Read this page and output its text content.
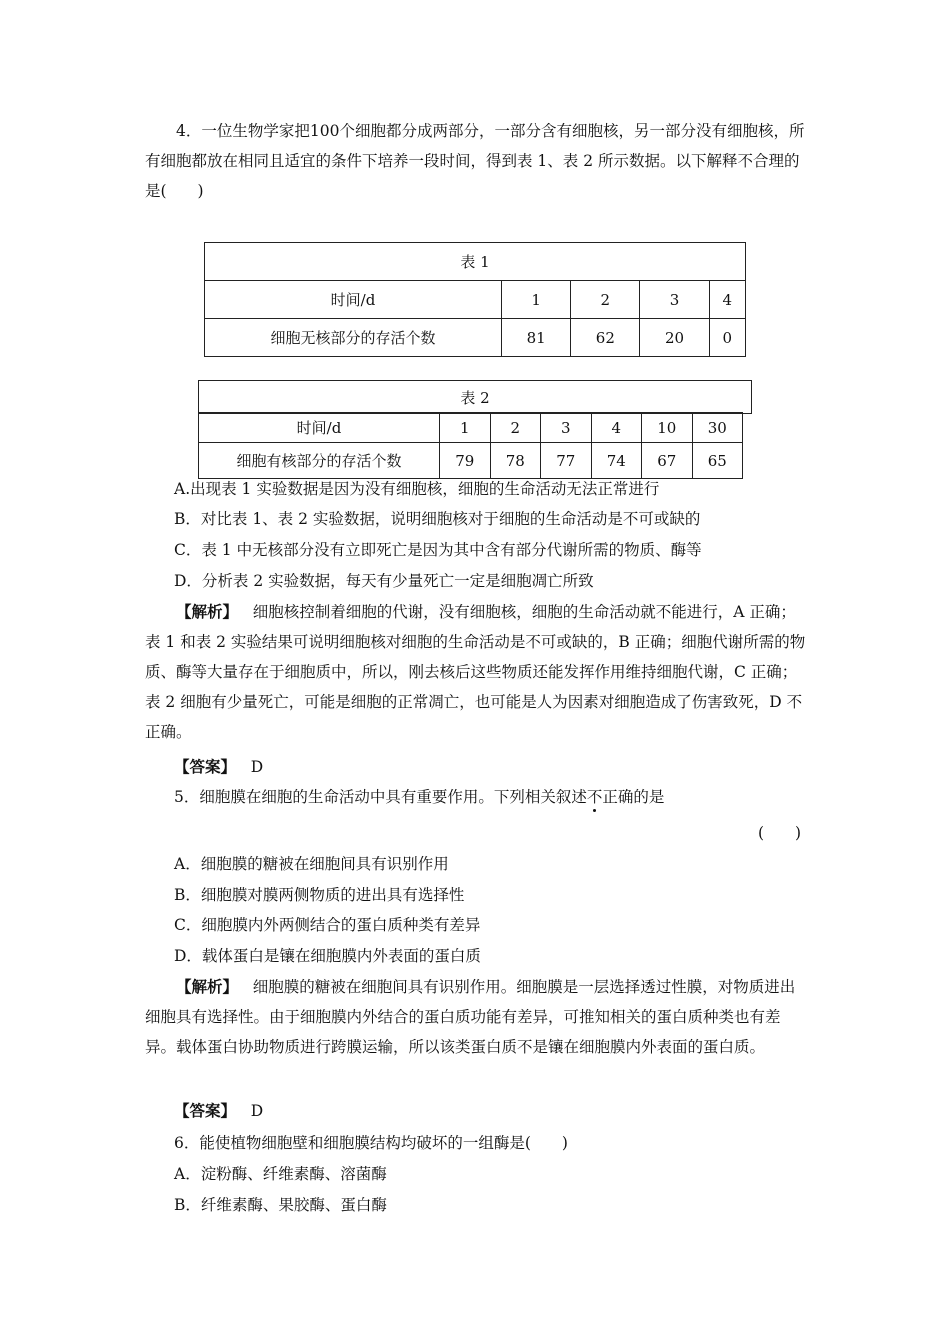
4．一位生物学家把100个细胞都分成两部分，一部分含有细胞核，另一部分没有细胞核，所有细胞都放在相同且适宜的条件下培养一段时间，得到表 1、表 2 所示数据。以下解释不合理的是(　　)
表 1				
时间/d	1	2	3	4
细胞无核部分的存活个数	81	62	20	0
表 2
时间/d	1	2	3	4	10	30
细胞有核部分的存活个数	79	78	77	74	67	65
A.出现表 1 实验数据是因为没有细胞核，细胞的生命活动无法正常进行
B．对比表 1、表 2 实验数据，说明细胞核对于细胞的生命活动是不可或缺的
C．表 1 中无核部分没有立即死亡是因为其中含有部分代谢所需的物质、酶等
D．分析表 2 实验数据，每天有少量死亡一定是细胞凋亡所致
【解析】 细胞核控制着细胞的代谢，没有细胞核，细胞的生命活动就不能进行，A 正确；表 1 和表 2 实验结果可说明细胞核对细胞的生命活动是不可或缺的，B 正确；细胞代谢所需的物质、酶等大量存在于细胞质中，所以，刚去核后这些物质还能发挥作用维持细胞代谢，C 正确；表 2 细胞有少量死亡，可能是细胞的正常凋亡，也可能是人为因素对细胞造成了伤害致死，D 不正确。
【答案】 D
5．细胞膜在细胞的生命活动中具有重要作用。下列相关叙述不正确的是
(　　)
A．细胞膜的糖被在细胞间具有识别作用
B．细胞膜对膜两侧物质的进出具有选择性
C．细胞膜内外两侧结合的蛋白质种类有差异
D．载体蛋白是镶在细胞膜内外表面的蛋白质
【解析】 细胞膜的糖被在细胞间具有识别作用。细胞膜是一层选择透过性膜，对物质进出细胞具有选择性。由于细胞膜内外结合的蛋白质功能有差异，可推知相关的蛋白质种类也有差异。载体蛋白协助物质进行跨膜运输，所以该类蛋白质不是镶在细胞膜内外表面的蛋白质。
【答案】 D
6．能使植物细胞壁和细胞膜结构均破坏的一组酶是(　　)
A．淀粉酶、纤维素酶、溶菌酶
B．纤维素酶、果胶酶、蛋白酶
